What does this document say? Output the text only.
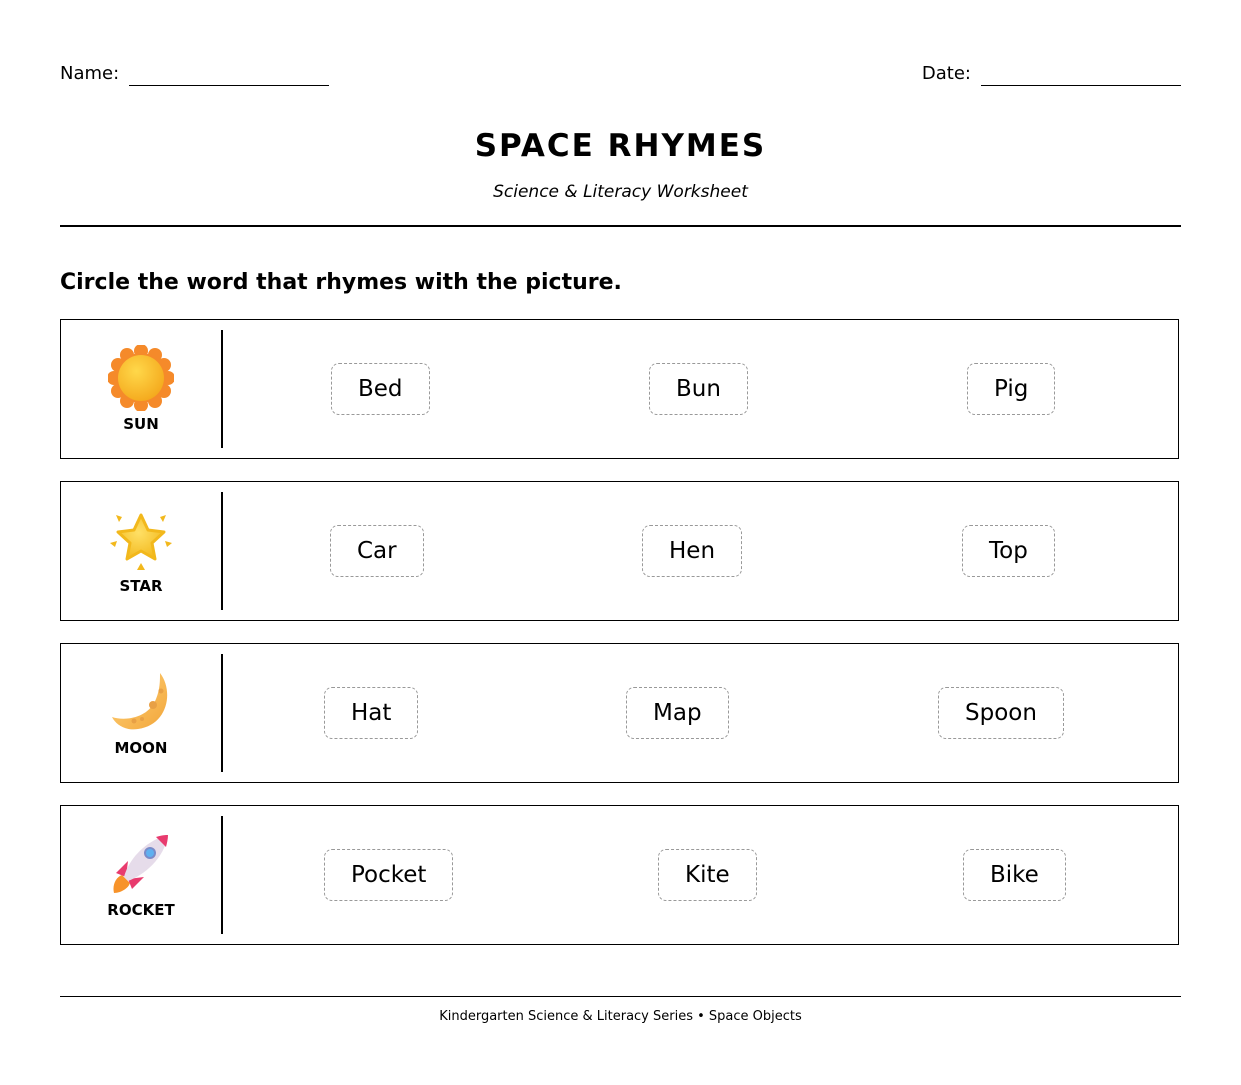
Name:	Date:
SPACE RHYMES
Science & Literacy Worksheet
Circle the word that rhymes with the picture.
SUN
Bed	Bun	Pig
STAR
Car	Hen	Top
MOON
Hat	Map	Spoon
ROCKET
Pocket	Kite	Bike
Kindergarten Science & Literacy Series • Space Objects
